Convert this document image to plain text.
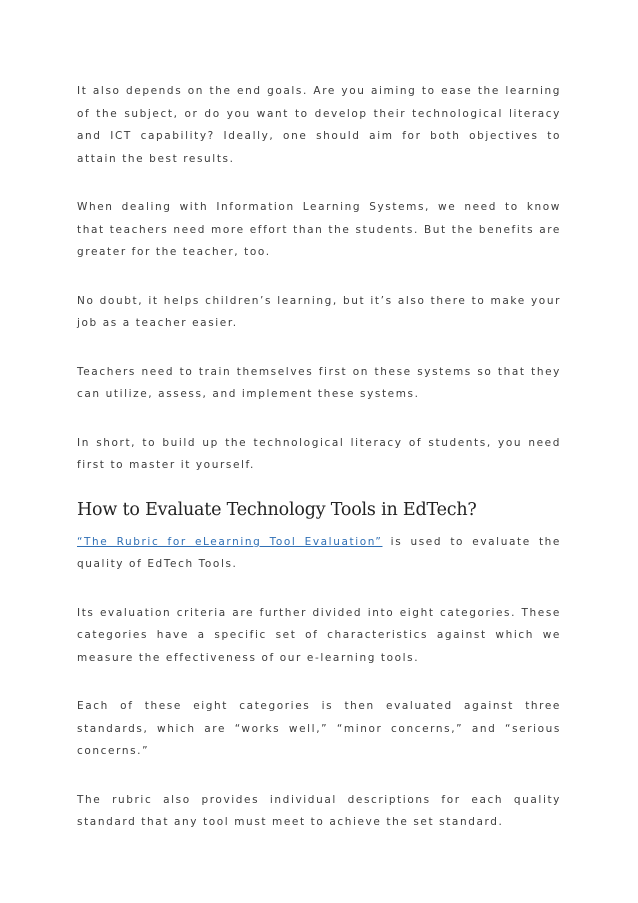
It also depends on the end goals. Are you aiming to ease the learning of the subject, or do you want to develop their technological literacy and ICT capability? Ideally, one should aim for both objectives to attain the best results.

When dealing with Information Learning Systems, we need to know that teachers need more effort than the students. But the benefits are greater for the teacher, too.

No doubt, it helps children’s learning, but it’s also there to make your job as a teacher easier.

Teachers need to train themselves first on these systems so that they can utilize, assess, and implement these systems.

In short, to build up the technological literacy of students, you need first to master it yourself.

How to Evaluate Technology Tools in EdTech?

“The Rubric for eLearning Tool Evaluation” is used to evaluate the quality of EdTech Tools.

Its evaluation criteria are further divided into eight categories. These categories have a specific set of characteristics against which we measure the effectiveness of our e-learning tools.

Each of these eight categories is then evaluated against three standards, which are “works well,” “minor concerns,” and “serious concerns.”

The rubric also provides individual descriptions for each quality standard that any tool must meet to achieve the set standard.
